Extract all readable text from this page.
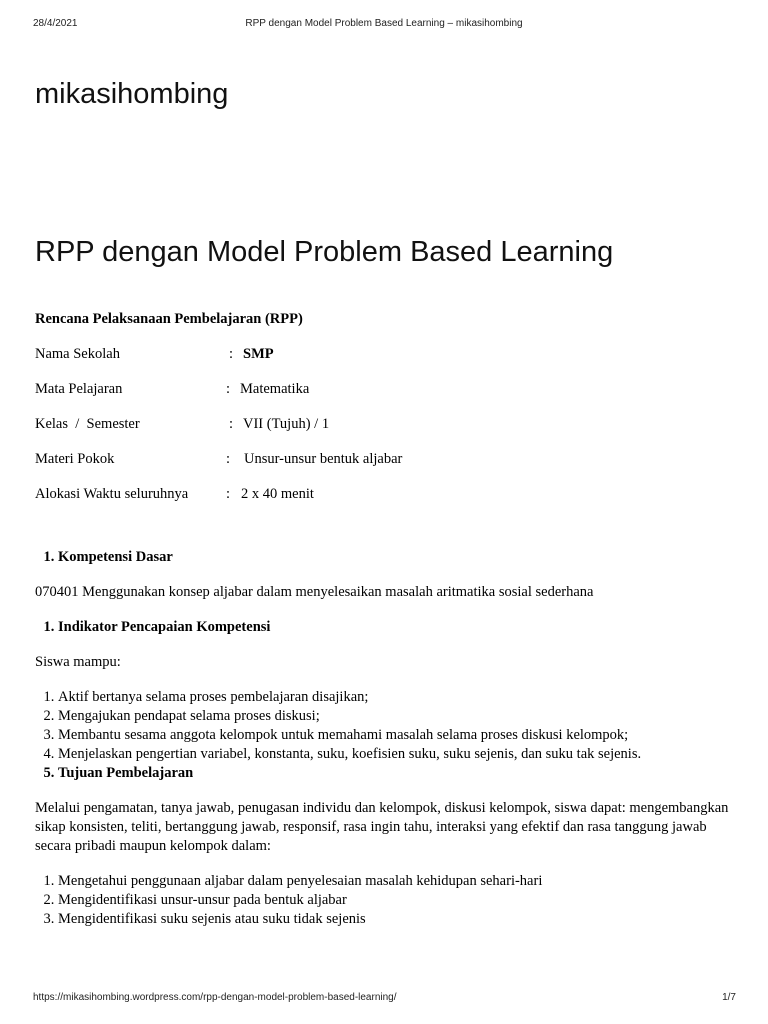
28/4/2021	RPP dengan Model Problem Based Learning – mikasihombing
mikasihombing
RPP dengan Model Problem Based Learning

Rencana Pelaksanaan Pembelajaran (RPP)

Nama Sekolah	: SMP
Mata Pelajaran	: Matematika
Kelas  /  Semester	: VII (Tujuh) / 1
Materi Pokok	: Unsur-unsur bentuk aljabar
Alokasi Waktu seluruhnya	: 2 x 40 menit
1. Kompetensi Dasar

070401 Menggunakan konsep aljabar dalam menyelesaikan masalah aritmatika sosial sederhana

1. Indikator Pencapaian Kompetensi

Siswa mampu:

1. Aktif bertanya selama proses pembelajaran disajikan;
2. Mengajukan pendapat selama proses diskusi;
3. Membantu sesama anggota kelompok untuk memahami masalah selama proses diskusi kelompok;
4. Menjelaskan pengertian variabel, konstanta, suku, koefisien suku, suku sejenis, dan suku tak sejenis.
5. Tujuan Pembelajaran

Melalui pengamatan, tanya jawab, penugasan individu dan kelompok, diskusi kelompok, siswa dapat: mengembangkan sikap konsisten, teliti, bertanggung jawab, responsif, rasa ingin tahu, interaksi yang efektif dan rasa tanggung jawab secara pribadi maupun kelompok dalam:

1. Mengetahui penggunaan aljabar dalam penyelesaian masalah kehidupan sehari-hari
2. Mengidentifikasi unsur-unsur pada bentuk aljabar
3. Mengidentifikasi suku sejenis atau suku tidak sejenis
https://mikasihombing.wordpress.com/rpp-dengan-model-problem-based-learning/	1/7
